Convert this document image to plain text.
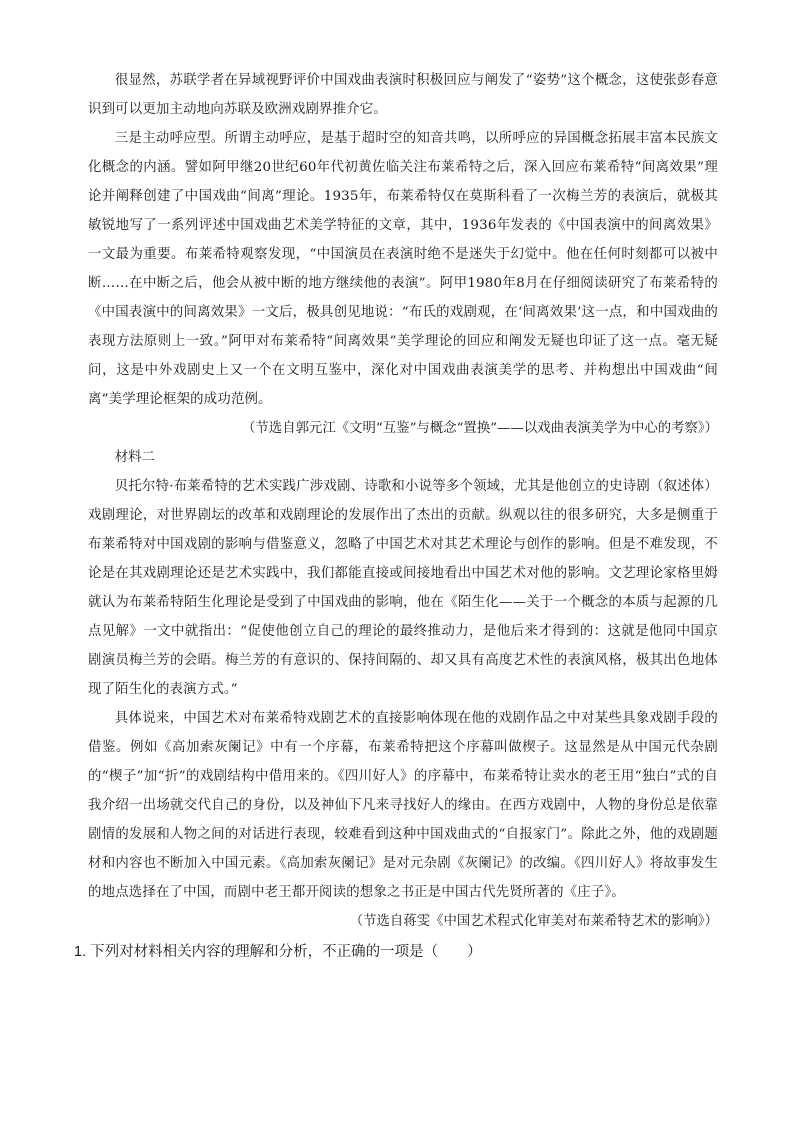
很显然，苏联学者在异域视野评价中国戏曲表演时积极回应与阐发了“姿势”这个概念，这使张彭春意识到可以更加主动地向苏联及欧洲戏剧界推介它。

三是主动呼应型。所谓主动呼应，是基于超时空的知音共鸣，以所呼应的异国概念拓展丰富本民族文化概念的内涵。譬如阿甲继20世纪60年代初黄佐临关注布莱希特之后，深入回应布莱希特“间离效果”理论并阐释创建了中国戏曲“间离”理论。1935年，布莱希特仅在莫斯科看了一次梅兰芳的表演后，就极其敏锐地写了一系列评述中国戏曲艺术美学特征的文章，其中，1936年发表的《中国表演中的间离效果》一文最为重要。布莱希特观察发现，“中国演员在表演时绝不是迷失于幻觉中。他在任何时刻都可以被中断……在中断之后，他会从被中断的地方继续他的表演”。阿甲1980年8月在仔细阅读研究了布莱希特的《中国表演中的间离效果》一文后，极具创见地说：“布氏的戏剧观，在‘间离效果’这一点，和中国戏曲的表现方法原则上一致。”阿甲对布莱希特“间离效果”美学理论的回应和阐发无疑也印证了这一点。毫无疑问，这是中外戏剧史上又一个在文明互鉴中，深化对中国戏曲表演美学的思考、并构想出中国戏曲“间离”美学理论框架的成功范例。

（节选自郭元江《文明“互鉴”与概念“置换”——以戏曲表演美学为中心的考察》）

材料二

贝托尔特·布莱希特的艺术实践广涉戏剧、诗歌和小说等多个领域，尤其是他创立的史诗剧（叙述体）戏剧理论，对世界剧坛的改革和戏剧理论的发展作出了杰出的贡献。纵观以往的很多研究，大多是侧重于布莱希特对中国戏剧的影响与借鉴意义，忽略了中国艺术对其艺术理论与创作的影响。但是不难发现，不论是在其戏剧理论还是艺术实践中，我们都能直接或间接地看出中国艺术对他的影响。文艺理论家格里姆就认为布莱希特陌生化理论是受到了中国戏曲的影响，他在《陌生化——关于一个概念的本质与起源的几点见解》一文中就指出：“促使他创立自己的理论的最终推动力，是他后来才得到的：这就是他同中国京剧演员梅兰芳的会晤。梅兰芳的有意识的、保持间隔的、却又具有高度艺术性的表演风格，极其出色地体现了陌生化的表演方式。”

具体说来，中国艺术对布莱希特戏剧艺术的直接影响体现在他的戏剧作品之中对某些具象戏剧手段的借鉴。例如《高加索灰阑记》中有一个序幕，布莱希特把这个序幕叫做楔子。这显然是从中国元代杂剧的“楔子”加“折”的戏剧结构中借用来的。《四川好人》的序幕中，布莱希特让卖水的老王用“独白”式的自我介绍一出场就交代自己的身份，以及神仙下凡来寻找好人的缘由。在西方戏剧中，人物的身份总是依靠剧情的发展和人物之间的对话进行表现，较难看到这种中国戏曲式的“自报家门”。除此之外，他的戏剧题材和内容也不断加入中国元素。《高加索灰阑记》是对元杂剧《灰阑记》的改编。《四川好人》将故事发生的地点选择在了中国，而剧中老王都开阅读的想象之书正是中国古代先贤所著的《庄子》。

（节选自蒋雯《中国艺术程式化审美对布莱希特艺术的影响》）

1. 下列对材料相关内容的理解和分析，不正确的一项是（　　）
